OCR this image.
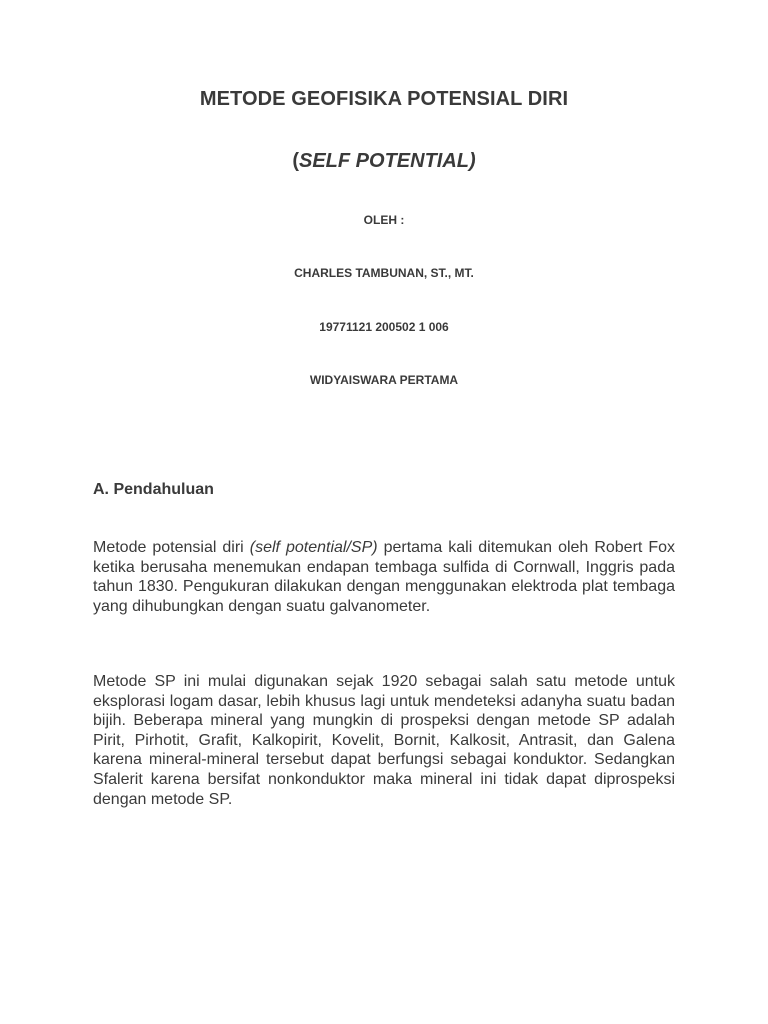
METODE GEOFISIKA POTENSIAL DIRI
(SELF POTENTIAL)
OLEH :
CHARLES TAMBUNAN, ST., MT.
19771121 200502 1 006
WIDYAISWARA PERTAMA
A. Pendahuluan
Metode potensial diri (self potential/SP) pertama kali ditemukan oleh Robert Fox ketika berusaha menemukan endapan tembaga sulfida di Cornwall, Inggris pada tahun 1830. Pengukuran dilakukan dengan menggunakan elektroda plat tembaga yang dihubungkan dengan suatu galvanometer.
Metode SP ini mulai digunakan sejak 1920 sebagai salah satu metode untuk eksplorasi logam dasar, lebih khusus lagi untuk mendeteksi adanyha suatu badan bijih. Beberapa mineral yang mungkin di prospeksi dengan metode SP adalah Pirit, Pirhotit, Grafit, Kalkopirit, Kovelit, Bornit, Kalkosit, Antrasit, dan Galena karena mineral-mineral tersebut dapat berfungsi sebagai konduktor. Sedangkan Sfalerit karena bersifat nonkonduktor maka mineral ini tidak dapat diprospeksi dengan metode SP.
